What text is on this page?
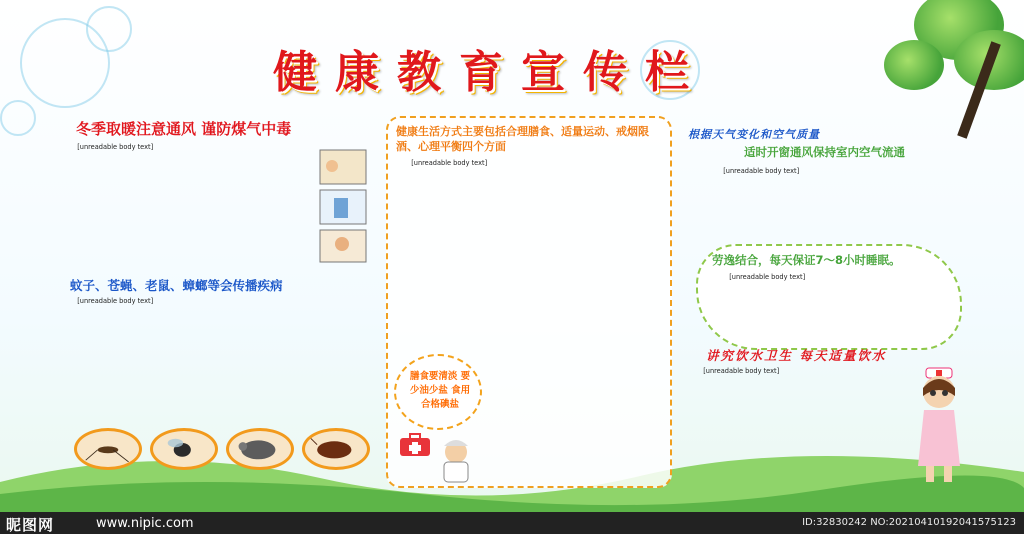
健康教育宣传栏
冬季取暖注意通风 谨防煤气中毒
[unreadable body text]
蚊子、苍蝇、老鼠、蟑螂等会传播疾病
[unreadable body text]
健康生活方式主要包括合理膳食、适量运动、戒烟限酒、心理平衡四个方面
[unreadable body text]
膳食要清淡 要少油少盐 食用合格碘盐
根据天气变化和空气质量
适时开窗通风保持室内空气流通
[unreadable body text]
劳逸结合，每天保证7～8小时睡眠。
[unreadable body text]
讲究饮水卫生 每天适量饮水
[unreadable body text]
昵图网	www.nipic.com	ID:32830242 NO:20210410192041575123
